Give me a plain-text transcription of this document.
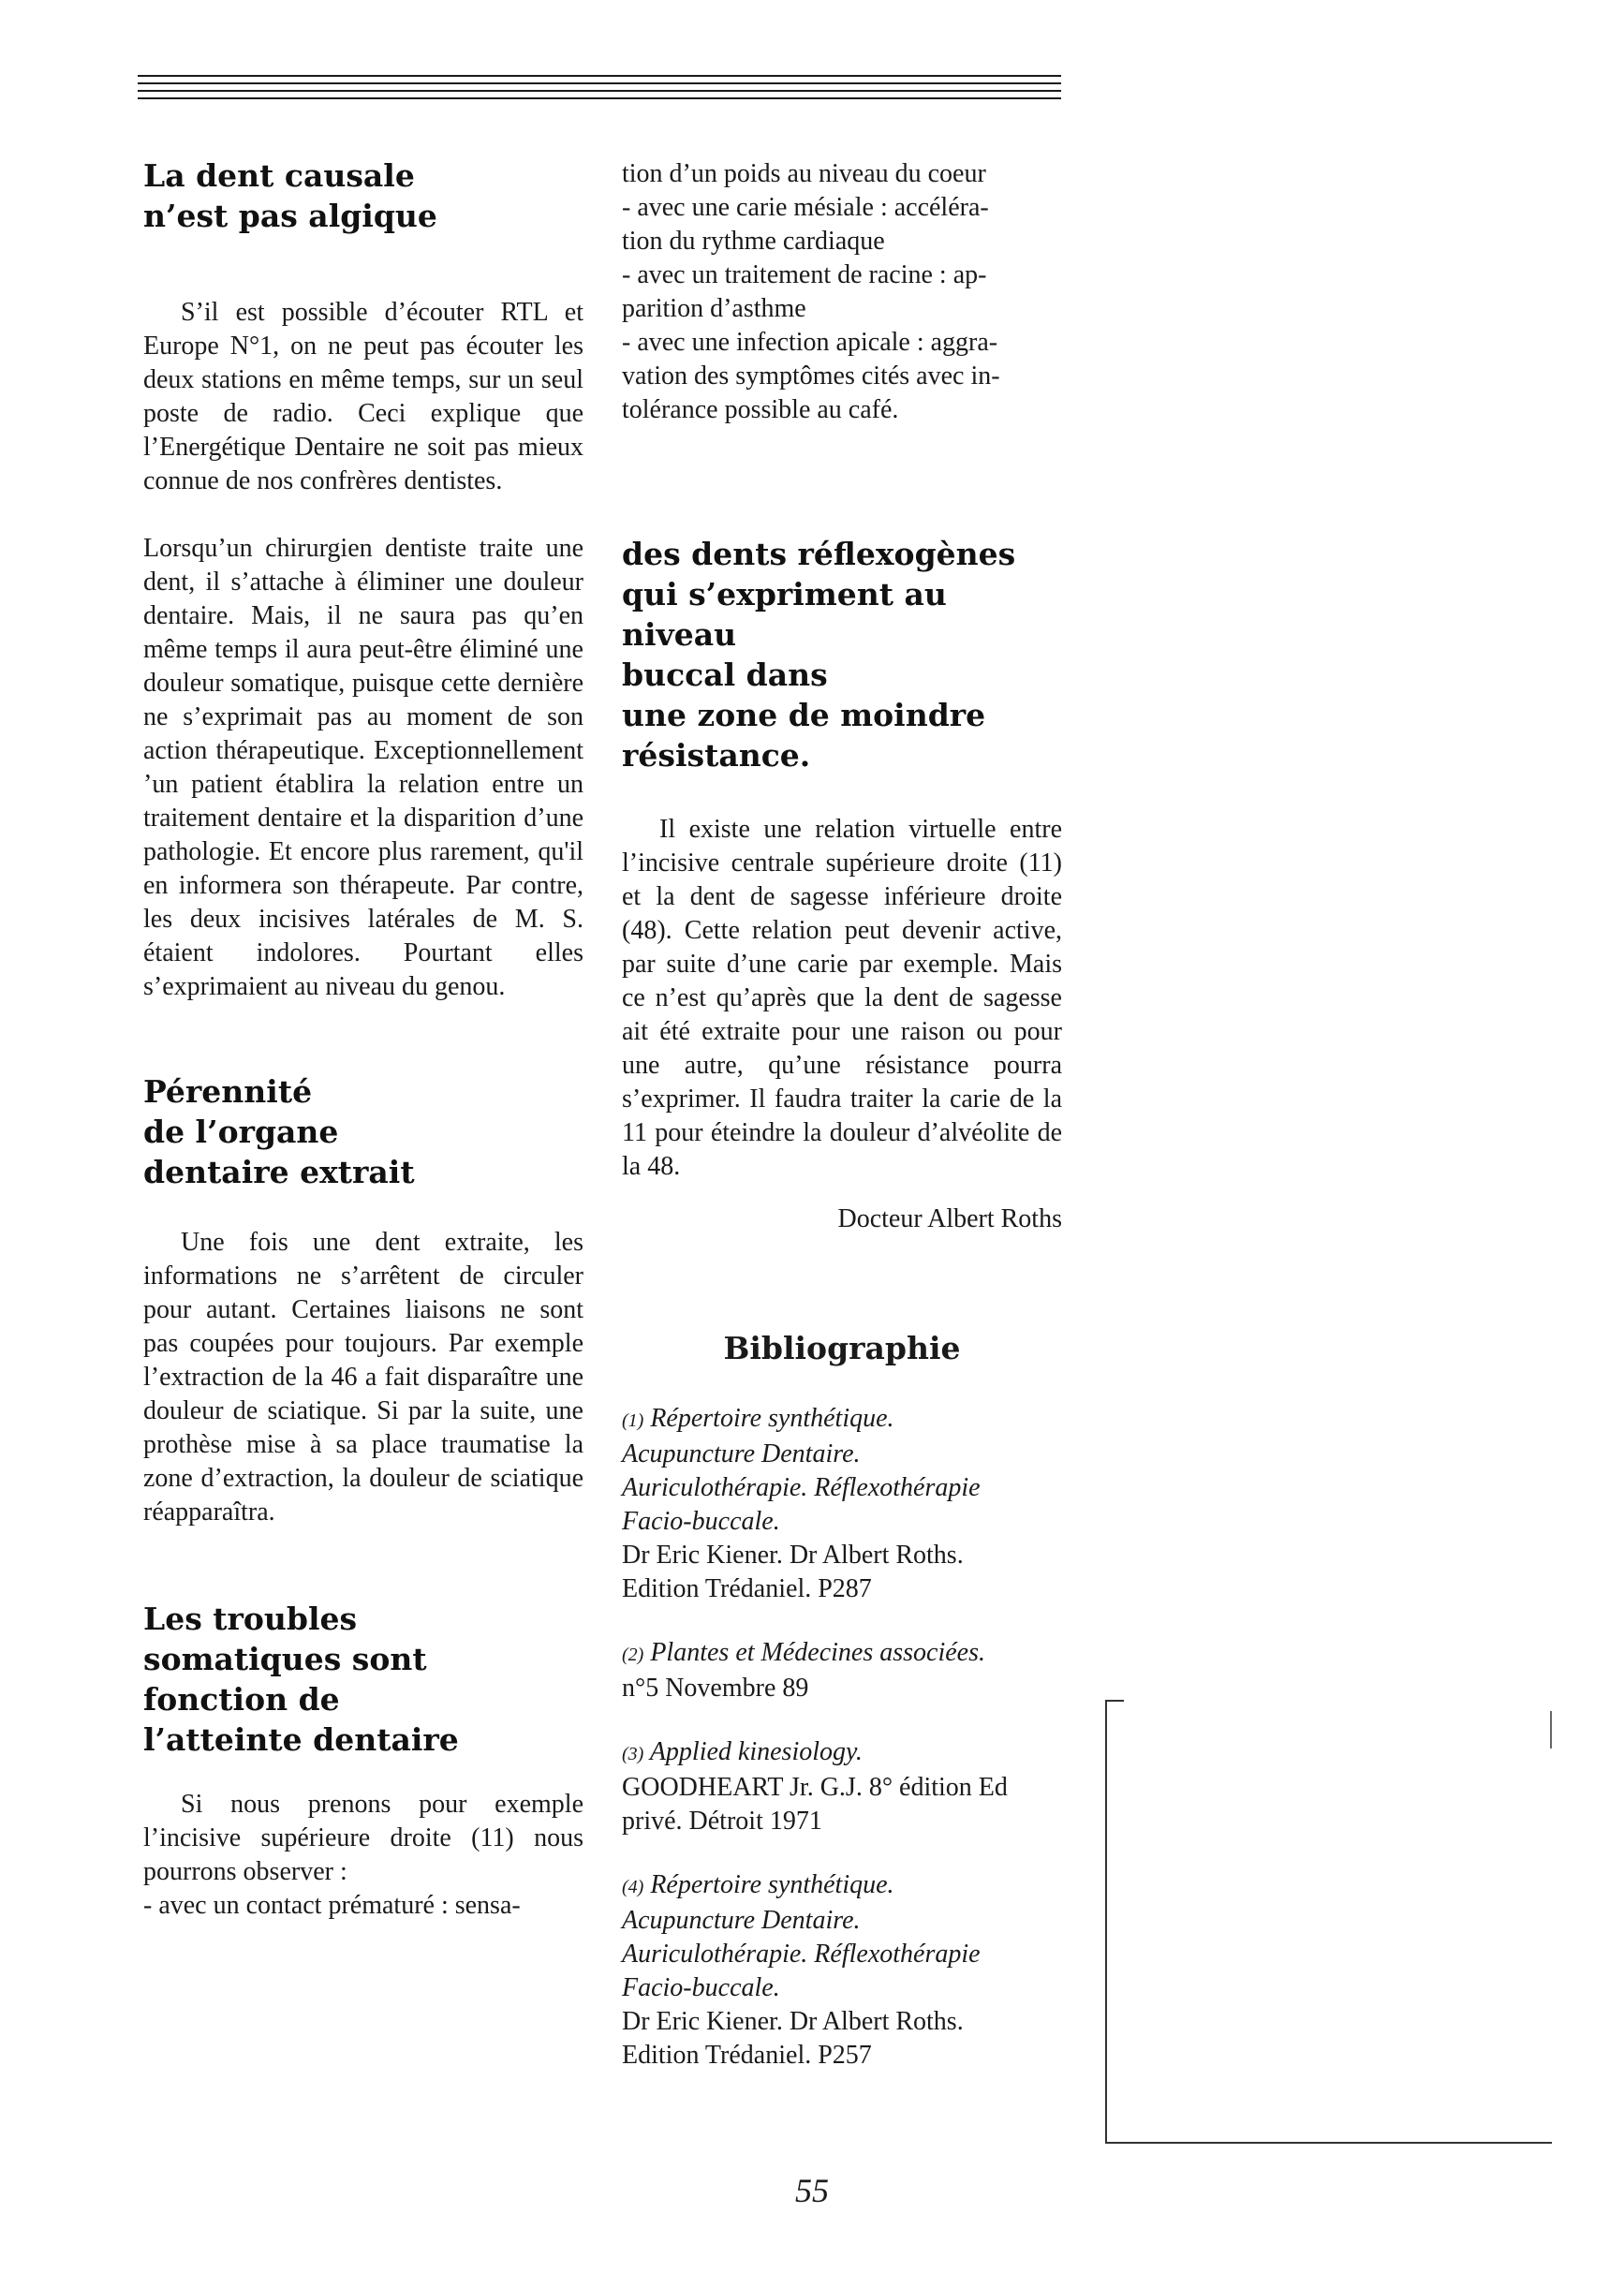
La dent causale
n’est pas algique

S’il est possible d’écouter RTL et Europe N°1, on ne peut pas écouter les deux stations en même temps, sur un seul poste de radio. Ceci explique que l’Energétique Dentaire ne soit pas mieux connue de nos confrères dentistes.

Lorsqu’un chirurgien dentiste traite une dent, il s’attache à éliminer une douleur dentaire. Mais, il ne saura pas qu’en même temps il aura peut-être éliminé une douleur somatique, puisque cette dernière ne s’exprimait pas au moment de son action thérapeutique. Exceptionnellement ’un patient établira la relation entre un traitement dentaire et la disparition d’une pathologie. Et encore plus rarement, qu'il en informera son thérapeute. Par contre, les deux incisives latérales de M. S. étaient indolores. Pourtant elles s’exprimaient au niveau du genou.

Pérennité
de l’organe
dentaire extrait

Une fois une dent extraite, les informations ne s’arrêtent de circuler pour autant. Certaines liaisons ne sont pas coupées pour toujours. Par exemple l’extraction de la 46 a fait disparaître une douleur de sciatique. Si par la suite, une prothèse mise à sa place traumatise la zone d’extraction, la douleur de sciatique réapparaîtra.

Les troubles
somatiques sont
fonction de
l’atteinte dentaire

Si nous prenons pour exemple l’incisive supérieure droite (11) nous pourrons observer :

- avec un contact prématuré : sensa-
tion d’un poids au niveau du coeur
- avec une carie mésiale : accéléra-
tion du rythme cardiaque
- avec un traitement de racine : ap-
parition d’asthme
- avec une infection apicale : aggra-
vation des symptômes cités avec in-
tolérance possible au café.
des dents réflexogènes
qui s’expriment au niveau
buccal dans
une zone de moindre
résistance.

Il existe une relation virtuelle entre l’incisive centrale supérieure droite (11) et la dent de sagesse inférieure droite (48). Cette relation peut devenir active, par suite d’une carie par exemple. Mais ce n’est qu’après que la dent de sagesse ait été extraite pour une raison ou pour une autre, qu’une résistance pourra s’exprimer. Il faudra traiter la carie de la 11 pour éteindre la douleur d’alvéolite de la 48.

Docteur Albert Roths

Bibliographie

(1) Répertoire synthétique.
Acupuncture Dentaire.
Auriculothérapie. Réflexothérapie
Facio-buccale.
Dr Eric Kiener. Dr Albert Roths.
Edition Trédaniel. P287
(2) Plantes et Médecines associées.
n°5 Novembre 89
(3) Applied kinesiology.
GOODHEART Jr. G.J. 8° édition Ed
privé. Détroit 1971
(4) Répertoire synthétique.
Acupuncture Dentaire.
Auriculothérapie. Réflexothérapie
Facio-buccale.
Dr Eric Kiener. Dr Albert Roths.
Edition Trédaniel. P257
55
